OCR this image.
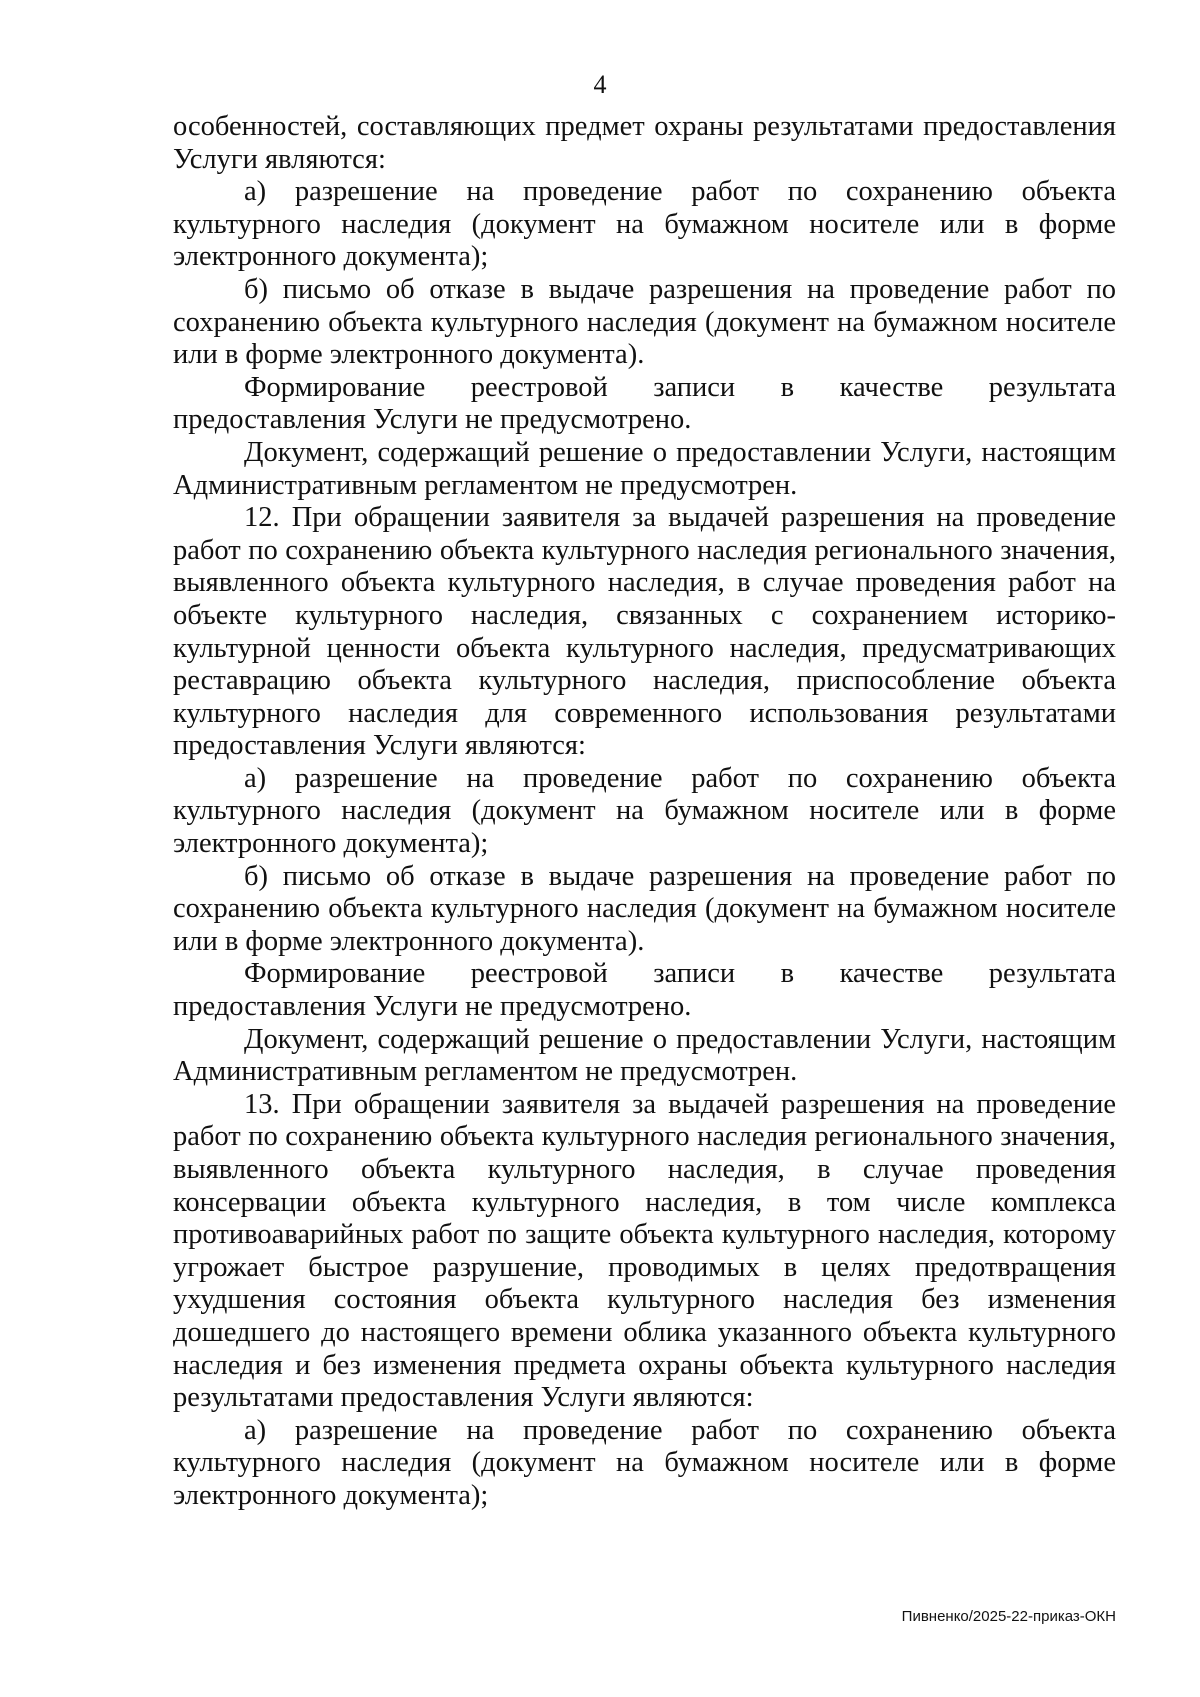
4

особенностей, составляющих предмет охраны результатами предоставления Услуги являются:

а) разрешение на проведение работ по сохранению объекта культурного наследия (документ на бумажном носителе или в форме электронного документа);

б) письмо об отказе в выдаче разрешения на проведение работ по сохранению объекта культурного наследия (документ на бумажном носителе или в форме электронного документа).

Формирование реестровой записи в качестве результата предоставления Услуги не предусмотрено.

Документ, содержащий решение о предоставлении Услуги, настоящим Административным регламентом не предусмотрен.

12. При обращении заявителя за выдачей разрешения на проведение работ по сохранению объекта культурного наследия регионального значения, выявленного объекта культурного наследия, в случае проведения работ на объекте культурного наследия, связанных с сохранением историко-культурной ценности объекта культурного наследия, предусматривающих реставрацию объекта культурного наследия, приспособление объекта культурного наследия для современного использования результатами предоставления Услуги являются:

а) разрешение на проведение работ по сохранению объекта культурного наследия (документ на бумажном носителе или в форме электронного документа);

б) письмо об отказе в выдаче разрешения на проведение работ по сохранению объекта культурного наследия (документ на бумажном носителе или в форме электронного документа).

Формирование реестровой записи в качестве результата предоставления Услуги не предусмотрено.

Документ, содержащий решение о предоставлении Услуги, настоящим Административным регламентом не предусмотрен.

13. При обращении заявителя за выдачей разрешения на проведение работ по сохранению объекта культурного наследия регионального значения, выявленного объекта культурного наследия, в случае проведения консервации объекта культурного наследия, в том числе комплекса противоаварийных работ по защите объекта культурного наследия, которому угрожает быстрое разрушение, проводимых в целях предотвращения ухудшения состояния объекта культурного наследия без изменения дошедшего до настоящего времени облика указанного объекта культурного наследия и без изменения предмета охраны объекта культурного наследия результатами предоставления Услуги являются:

а) разрешение на проведение работ по сохранению объекта культурного наследия (документ на бумажном носителе или в форме электронного документа);

Пивненко/2025-22-приказ-ОКН
